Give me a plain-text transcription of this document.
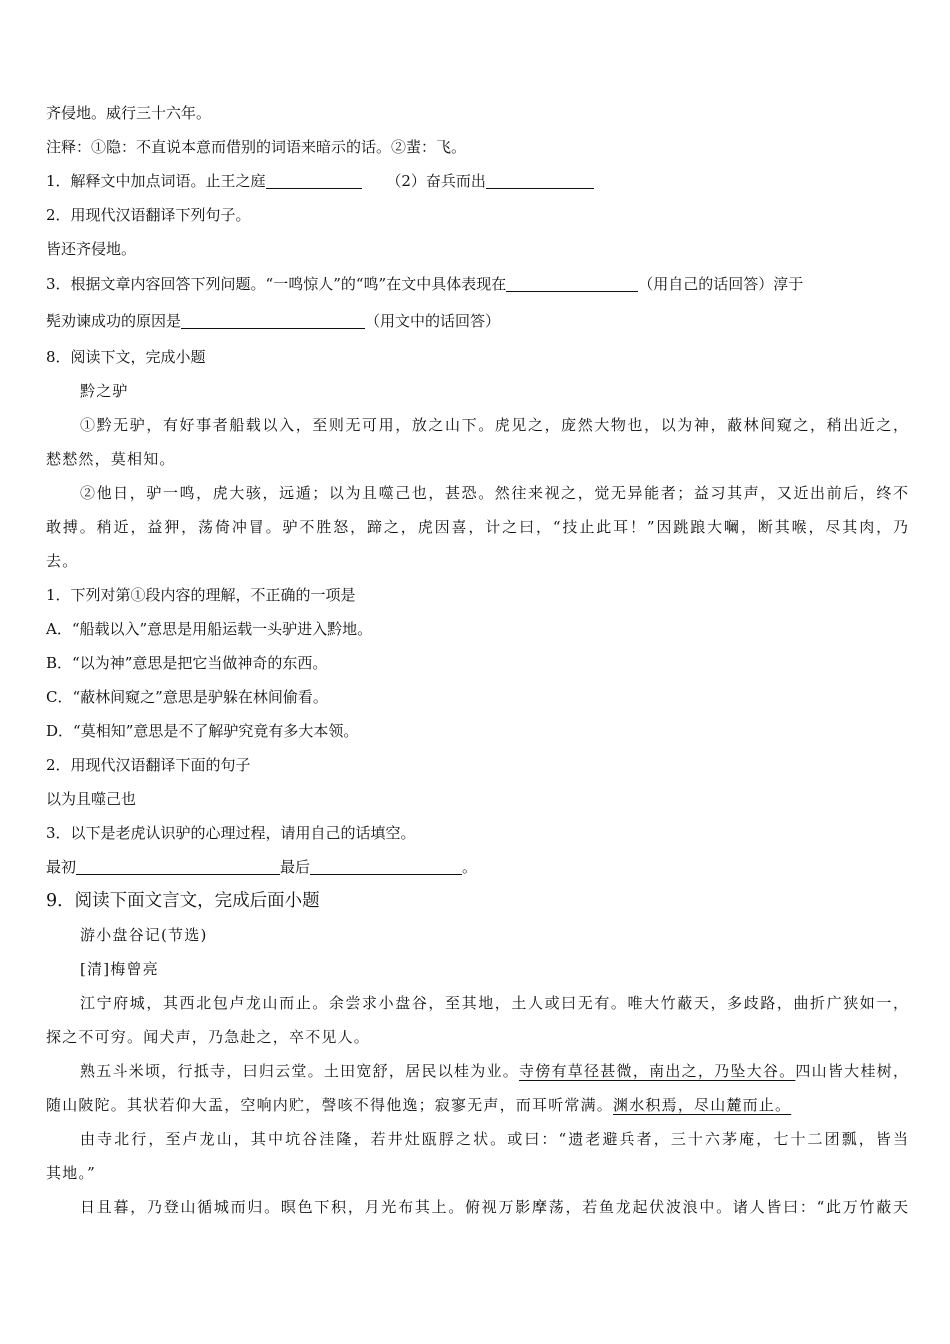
齐侵地。威行三十六年。
注释：①隐：不直说本意而借别的词语来暗示的话。②蜚：飞。
1．解释文中加点词语。止王之庭	（2）奋兵而出
2．用现代汉语翻译下列句子。
皆还齐侵地。
3．根据文章内容回答下列问题。“一鸣惊人”的“鸣”在文中具体表现在	（用自己的话回答）淳于
髡劝谏成功的原因是	（用文中的话回答）
8．阅读下文，完成小题
黔之驴
①黔无驴，有好事者船载以入，至则无可用，放之山下。虎见之，庞然大物也，以为神，蔽林间窥之，稍出近之，
慭慭然，莫相知。
②他日，驴一鸣，虎大骇，远遁；以为且噬己也，甚恐。然往来视之，觉无异能者；益习其声，又近出前后，终不
敢搏。稍近，益狎，荡倚冲冒。驴不胜怒，蹄之，虎因喜，计之曰，“技止此耳！”因跳踉大㘎，断其喉，尽其肉，乃
去。
1．下列对第①段内容的理解，不正确的一项是
A．“船载以入”意思是用船运载一头驴进入黔地。
B．“以为神”意思是把它当做神奇的东西。
C．“蔽林间窥之”意思是驴躲在林间偷看。
D．“莫相知”意思是不了解驴究竟有多大本领。
2．用现代汉语翻译下面的句子
以为且噬己也
3．以下是老虎认识驴的心理过程，请用自己的话填空。
最初	最后	。
9．阅读下面文言文，完成后面小题
游小盘谷记(节选)
[清]梅曾亮
江宁府城，其西北包卢龙山而止。余尝求小盘谷，至其地，土人或曰无有。唯大竹蔽天，多歧路，曲折广狭如一，
探之不可穷。闻犬声，乃急赴之，卒不见人。
熟五斗米顷，行抵寺，曰归云堂。土田宽舒，居民以桂为业。寺傍有草径甚微，南出之，乃坠大谷。四山皆大桂树，
随山陂陀。其状若仰大盂，空响内贮，謦咳不得他逸；寂寥无声，而耳听常满。渊水积焉，尽山麓而止。
由寺北行，至卢龙山，其中坑谷洼隆，若井灶瓯脬之状。或曰：“遗老避兵者，三十六茅庵，七十二团瓢，皆当
其地。”
日且暮，乃登山循城而归。暝色下积，月光布其上。俯视万影摩荡，若鱼龙起伏波浪中。诸人皆曰：“此万竹蔽天
